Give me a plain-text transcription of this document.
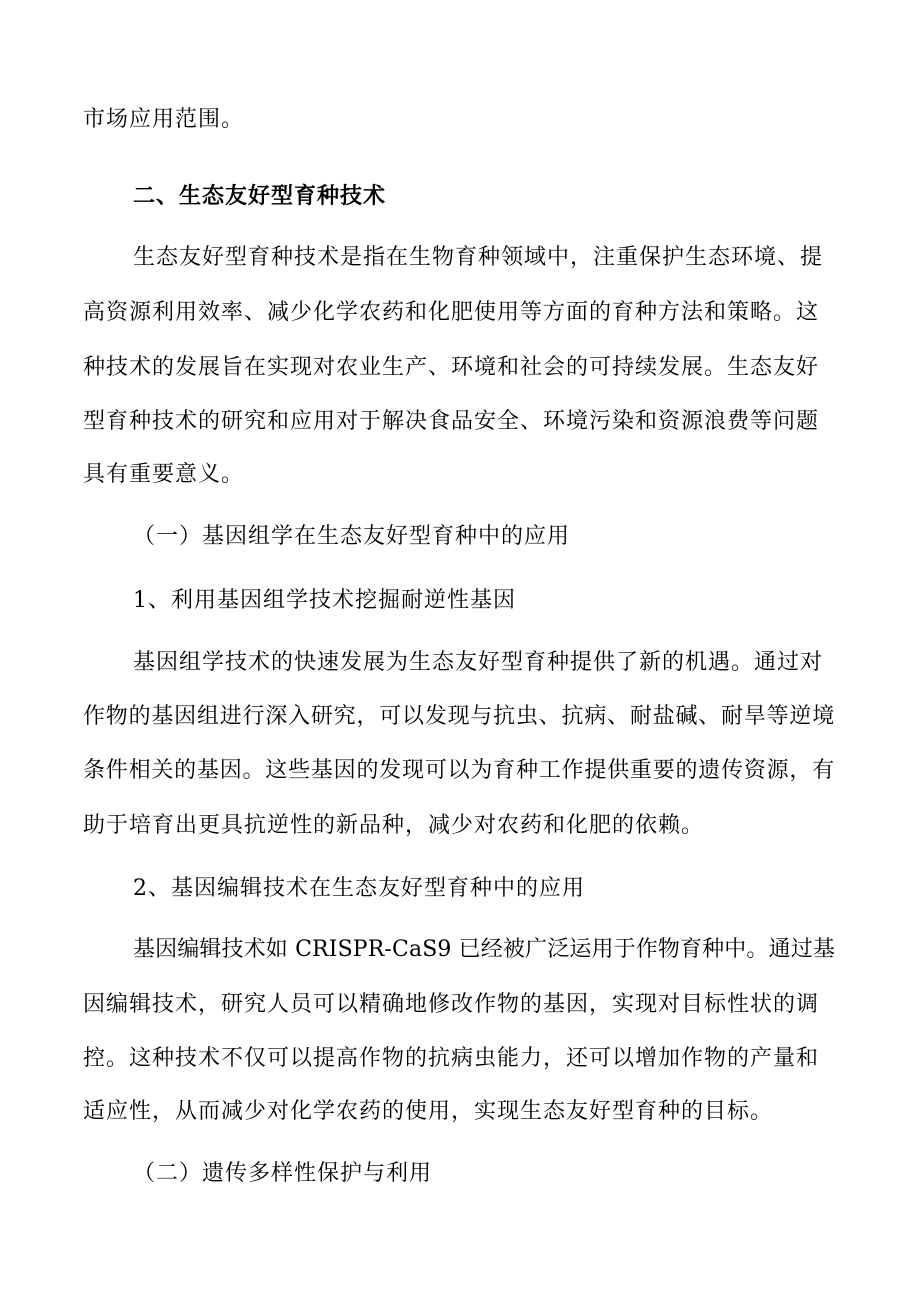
市场应用范围。
二、生态友好型育种技术
生态友好型育种技术是指在生物育种领域中，注重保护生态环境、提
高资源利用效率、减少化学农药和化肥使用等方面的育种方法和策略。这
种技术的发展旨在实现对农业生产、环境和社会的可持续发展。生态友好
型育种技术的研究和应用对于解决食品安全、环境污染和资源浪费等问题
具有重要意义。
（一）基因组学在生态友好型育种中的应用
1、利用基因组学技术挖掘耐逆性基因
基因组学技术的快速发展为生态友好型育种提供了新的机遇。通过对
作物的基因组进行深入研究，可以发现与抗虫、抗病、耐盐碱、耐旱等逆境
条件相关的基因。这些基因的发现可以为育种工作提供重要的遗传资源，有
助于培育出更具抗逆性的新品种，减少对农药和化肥的依赖。
2、基因编辑技术在生态友好型育种中的应用
基因编辑技术如 CRISPR-CaS9 已经被广泛运用于作物育种中。通过基
因编辑技术，研究人员可以精确地修改作物的基因，实现对目标性状的调
控。这种技术不仅可以提高作物的抗病虫能力，还可以增加作物的产量和
适应性，从而减少对化学农药的使用，实现生态友好型育种的目标。
（二）遗传多样性保护与利用
